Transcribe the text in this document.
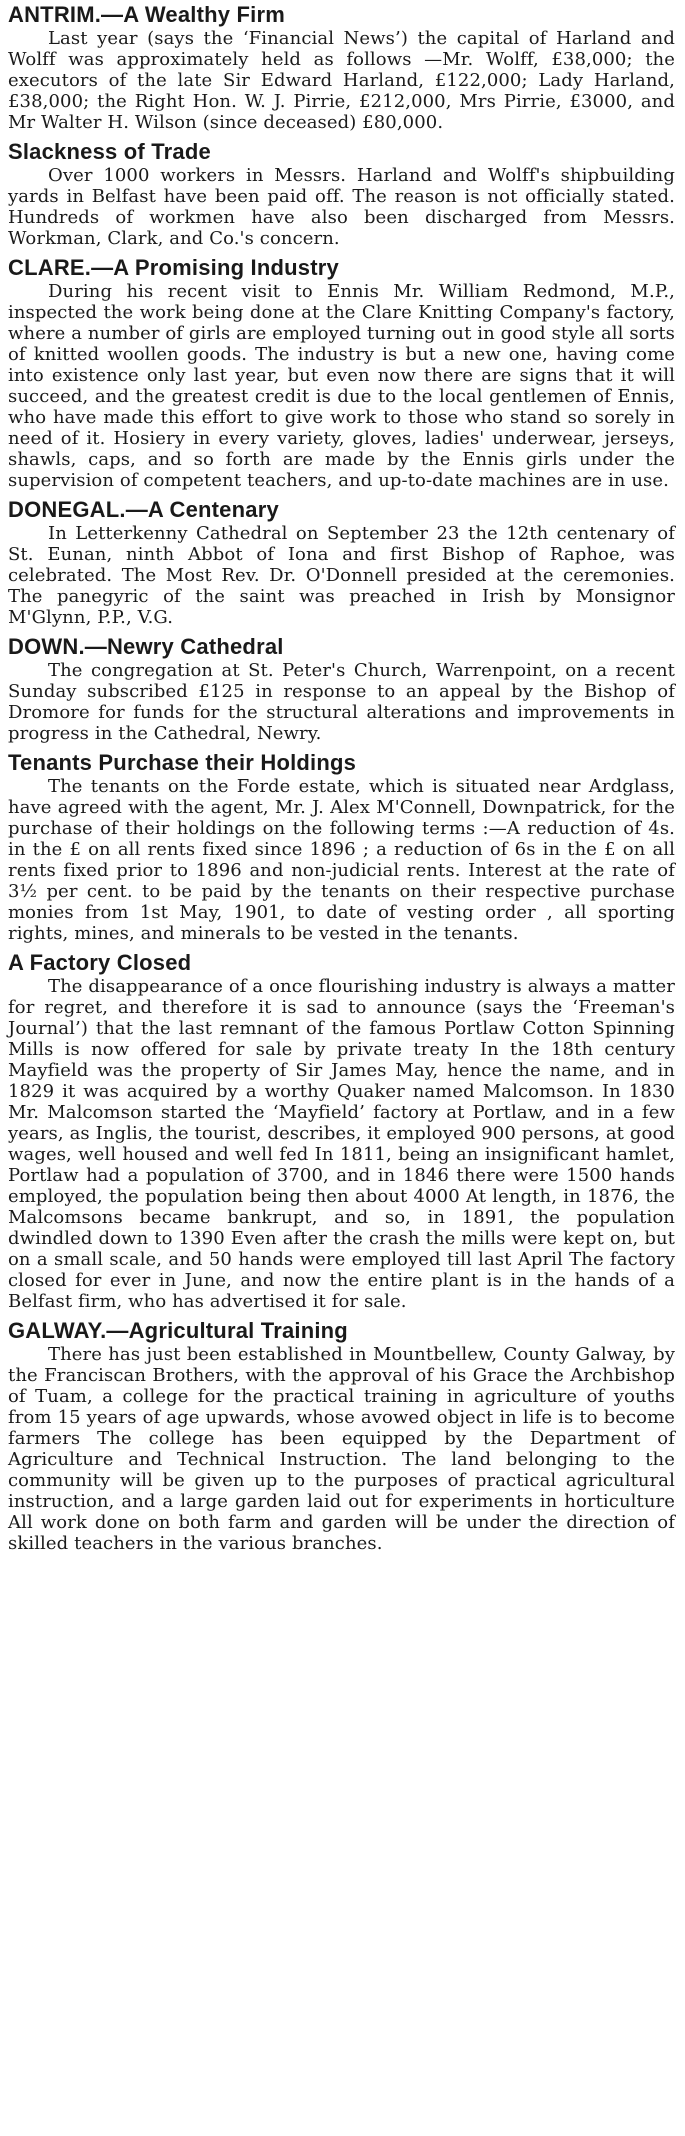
ANTRIM.—A Wealthy Firm

Last year (says the ‘Financial News’) the capital of Harland and Wolff was approximately held as follows —Mr. Wolff, £38,000; the executors of the late Sir Edward Harland, £122,000; Lady Harland, £38,000; the Right Hon. W. J. Pirrie, £212,000, Mrs Pirrie, £3000, and Mr Walter H. Wilson (since deceased) £80,000.

Slackness of Trade

Over 1000 workers in Messrs. Harland and Wolff's shipbuilding yards in Belfast have been paid off. The reason is not officially stated. Hundreds of workmen have also been discharged from Messrs. Workman, Clark, and Co.'s concern.

CLARE.—A Promising Industry

During his recent visit to Ennis Mr. William Redmond, M.P., inspected the work being done at the Clare Knitting Company's factory, where a number of girls are employed turning out in good style all sorts of knitted woollen goods. The industry is but a new one, having come into existence only last year, but even now there are signs that it will succeed, and the greatest credit is due to the local gentlemen of Ennis, who have made this effort to give work to those who stand so sorely in need of it. Hosiery in every variety, gloves, ladies' underwear, jerseys, shawls, caps, and so forth are made by the Ennis girls under the supervision of competent teachers, and up-to-date machines are in use.

DONEGAL.—A Centenary

In Letterkenny Cathedral on September 23 the 12th centenary of St. Eunan, ninth Abbot of Iona and first Bishop of Raphoe, was celebrated. The Most Rev. Dr. O'Donnell presided at the ceremonies. The panegyric of the saint was preached in Irish by Monsignor M'Glynn, P.P., V.G.

DOWN.—Newry Cathedral

The congregation at St. Peter's Church, Warrenpoint, on a recent Sunday subscribed £125 in response to an appeal by the Bishop of Dromore for funds for the structural alterations and improvements in progress in the Cathedral, Newry.

Tenants Purchase their Holdings

The tenants on the Forde estate, which is situated near Ardglass, have agreed with the agent, Mr. J. Alex M'Connell, Downpatrick, for the purchase of their holdings on the following terms :—A reduction of 4s. in the £ on all rents fixed since 1896 ; a reduction of 6s in the £ on all rents fixed prior to 1896 and non-judicial rents. Interest at the rate of 3½ per cent. to be paid by the tenants on their respective purchase monies from 1st May, 1901, to date of vesting order , all sporting rights, mines, and minerals to be vested in the tenants.

A Factory Closed

The disappearance of a once flourishing industry is always a matter for regret, and therefore it is sad to announce (says the ‘Freeman's Journal’) that the last remnant of the famous Portlaw Cotton Spinning Mills is now offered for sale by private treaty In the 18th century Mayfield was the property of Sir James May, hence the name, and in 1829 it was acquired by a worthy Quaker named Malcomson. In 1830 Mr. Malcomson started the ‘Mayfield’ factory at Portlaw, and in a few years, as Inglis, the tourist, describes, it employed 900 persons, at good wages, well housed and well fed In 1811, being an insignificant hamlet, Portlaw had a population of 3700, and in 1846 there were 1500 hands employed, the population being then about 4000 At length, in 1876, the Malcomsons became bankrupt, and so, in 1891, the population dwindled down to 1390 Even after the crash the mills were kept on, but on a small scale, and 50 hands were employed till last April The factory closed for ever in June, and now the entire plant is in the hands of a Belfast firm, who has advertised it for sale.

GALWAY.—Agricultural Training

There has just been established in Mountbellew, County Galway, by the Franciscan Brothers, with the approval of his Grace the Archbishop of Tuam, a college for the practical training in agriculture of youths from 15 years of age upwards, whose avowed object in life is to become farmers The college has been equipped by the Department of Agriculture and Technical Instruction. The land belonging to the community will be given up to the purposes of practical agricultural instruction, and a large garden laid out for experiments in horticulture All work done on both farm and garden will be under the direction of skilled teachers in the various branches.
